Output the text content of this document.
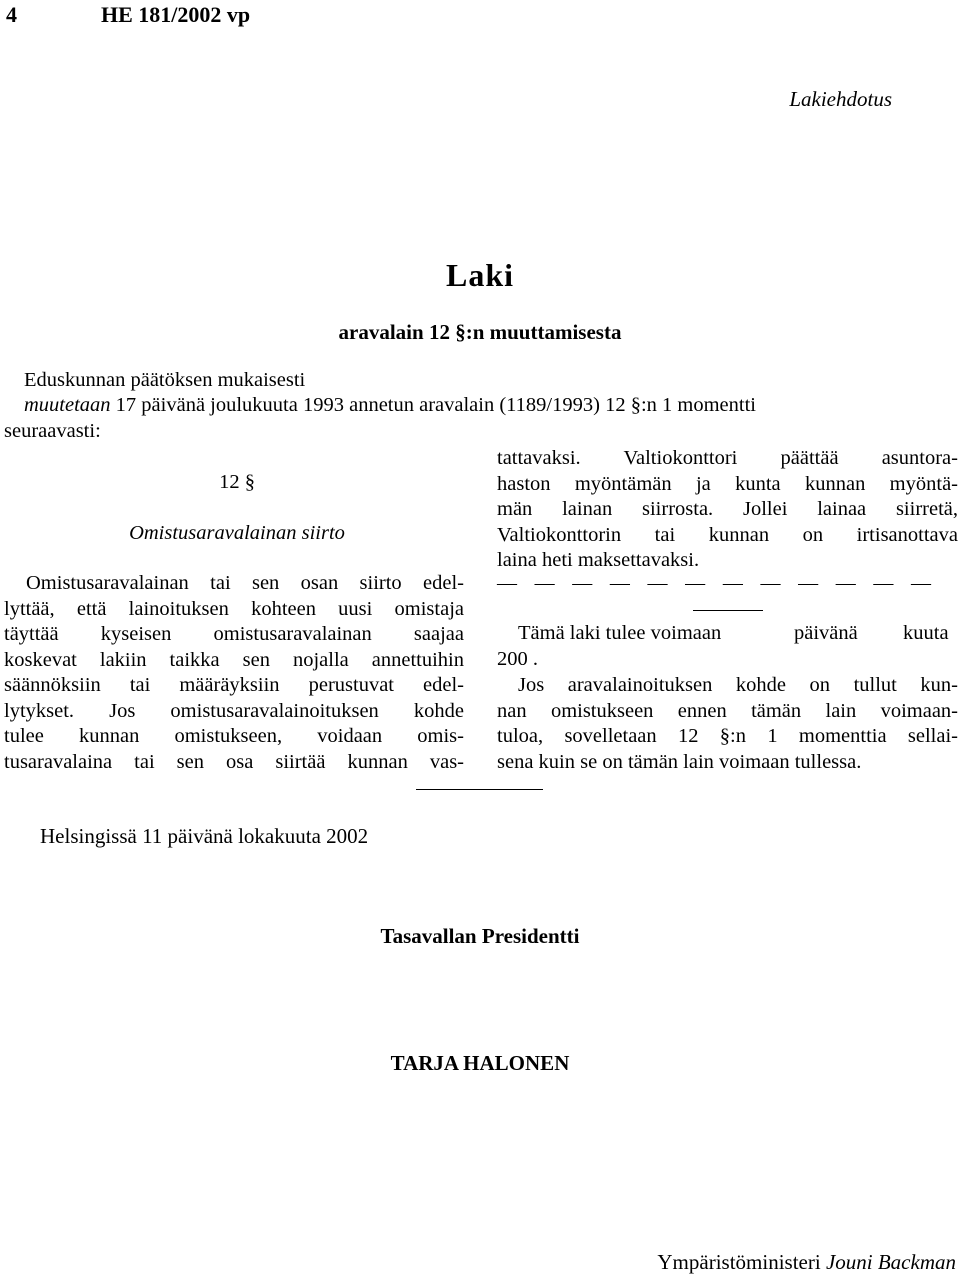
4	HE 181/2002 vp
Lakiehdotus
Laki
aravalain 12 §:n muuttamisesta
Eduskunnan päätöksen mukaisesti
muutetaan 17 päivänä joulukuuta 1993 annetun aravalain (1189/1993) 12 §:n 1 momentti
seuraavasti:
12 §
Omistusaravalainan siirto
Omistusaravalainan tai sen osan siirto edel-
lyttää, että lainoituksen kohteen uusi omistaja
täyttää kyseisen omistusaravalainan saajaa
koskevat lakiin taikka sen nojalla annettuihin
säännöksiin tai määräyksiin perustuvat edel-
lytykset. Jos omistusaravalainoituksen kohde
tulee kunnan omistukseen, voidaan omis-
tusaravalaina tai sen osa siirtää kunnan vas-
tattavaksi. Valtiokonttori päättää asuntora-
haston myöntämän ja kunta kunnan myöntä-
män lainan siirrosta. Jollei lainaa siirretä,
Valtiokonttorin tai kunnan on irtisanottava
laina heti maksettavaksi.
— — — — — — — — — — — —
Tämä laki tulee voimaan	päivänä kuuta
200 .
Jos aravalainoituksen kohde on tullut kun-
nan omistukseen ennen tämän lain voimaan-
tuloa, sovelletaan 12 §:n 1 momenttia sellai-
sena kuin se on tämän lain voimaan tullessa.
Helsingissä 11 päivänä lokakuuta 2002
Tasavallan Presidentti
TARJA HALONEN
Ympäristöministeri Jouni Backman
